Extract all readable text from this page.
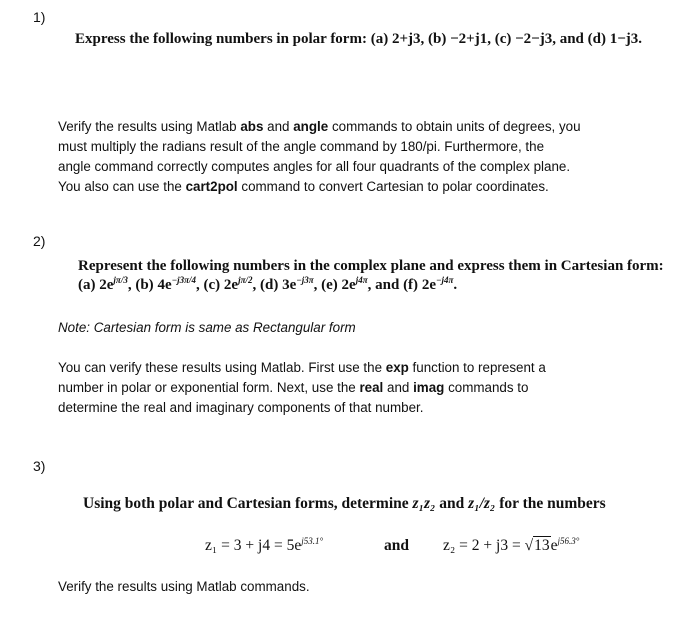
1)
Express the following numbers in polar form: (a) 2+j3, (b) −2+j1, (c) −2−j3, and (d) 1−j3.
Verify the results using Matlab abs and angle commands to obtain units of degrees, you
must multiply the radians result of the angle command by 180/pi. Furthermore, the
angle command correctly computes angles for all four quadrants of the complex plane.
You also can use the cart2pol command to convert Cartesian to polar coordinates.
2)
Represent the following numbers in the complex plane and express them in Cartesian form:
(a) $2e^{j\pi/3}$, (b) $4e^{-j3\pi/4}$, (c) $2e^{j\pi/2}$, (d) $3e^{-j3\pi}$, (e) $2e^{j4\pi}$, and (f) $2e^{-j4\pi}$.
Note: Cartesian form is same as Rectangular form
You can verify these results using Matlab. First use the exp function to represent a
number in polar or exponential form. Next, use the real and imag commands to
determine the real and imaginary components of that number.
3)
Using both polar and Cartesian forms, determine z₁z₂ and z₁/z₂ for the numbers
$z_1 = 3 + j4 = 5e^{j53.1^\circ}$	and $z_2 = 2 + j3 = √13e^{j56.3^\circ}$
Verify the results using Matlab commands.
